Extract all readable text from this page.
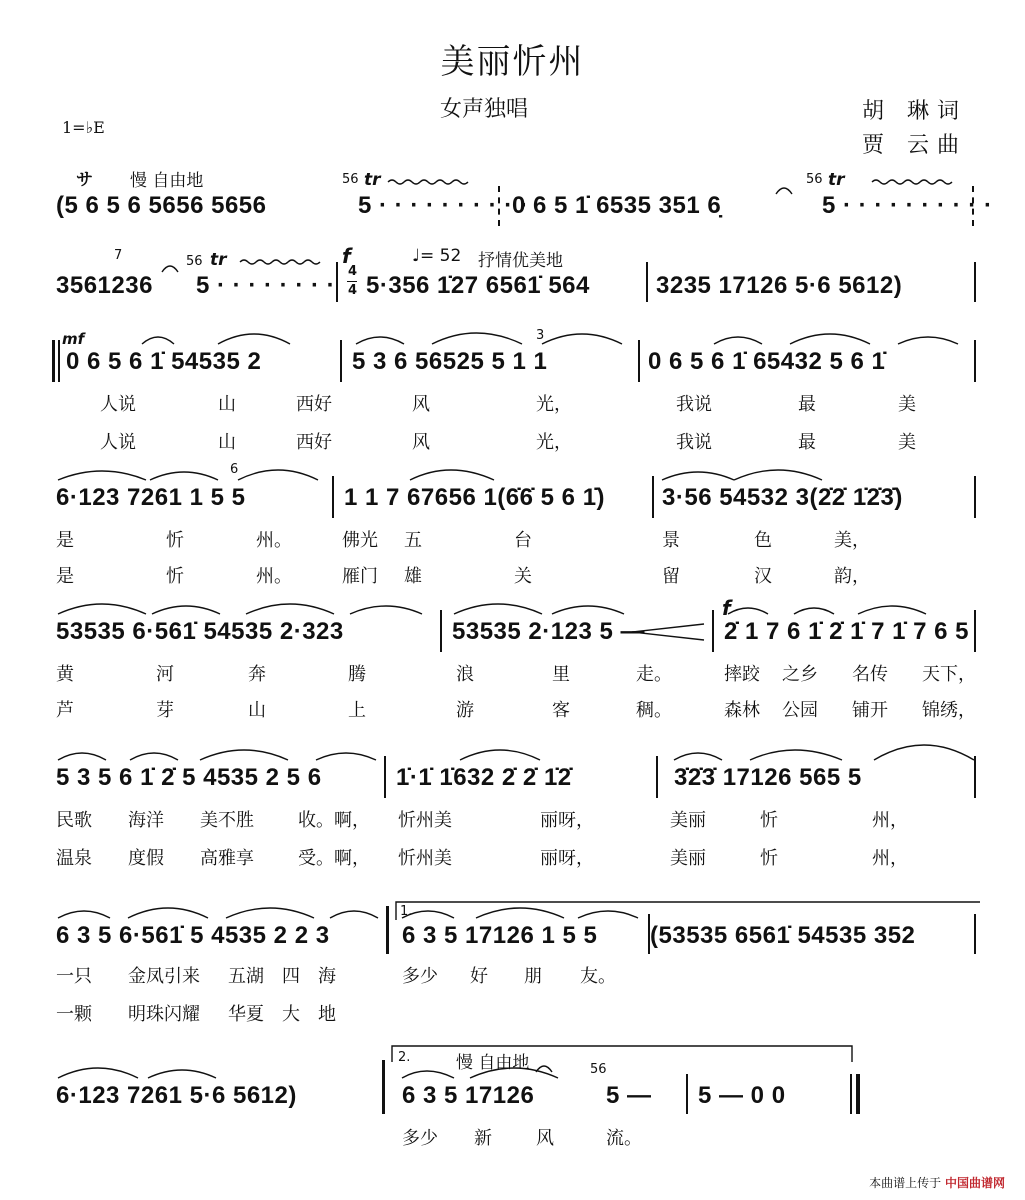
美丽忻州
女声独唱	胡 琳词
贾 云曲
1=♭E
サ 慢 自由地	56 tr	56 tr
(5 6 5 6 5656 5656	5 · · · · · · · · · ·
0 6 5 1̇ 6535 351 6̣	5 · · · · · · · · · ·
7	56 tr	f	♩= 52 抒情优美地
3561236 5 · · · · · · · ·
4
4 5·356 1̇27 6561̇ 564	3235 17126 5·6 5612)
mf	3
0 6 5 6 1̇ 54535 2	5 3 6 56525 5 1 1	0 6 5 6 1̇ 65432 5 6 1̇
人说	山	西好	风	光，	我说	最	美
人说	山	西好	风	光，	我说	最	美
6
6·123 7261 1 5 5	1 1 7 67656 1(6̇6̇ 5 6 1̇) 3·56 54532 3(2̇2̇ 1̇2̇3̇)
是	忻	州。	佛光 五	台	景	色	美，
是	忻	州。	雁门 雄	关	留	汉	韵，
f
53535 6·561̇ 54535 2·323	53535 2·123 5 —	2̇ 1 7 6 1̇ 2̇ 1̇ 7 1̇ 7 6 5
黄	河	奔	腾	浪	里	走。	摔跤 之乡 名传 天下，
芦	芽	山	上	游	客	稠。	森林 公园 铺开 锦绣，
5 3 5 6 1̇ 2̇ 5 4535 2 5 6	1̇·1̇ 1̇632 2̇ 2̇ 1̇2̇	3̇2̇3̇ 17126 565 5
民歌 海洋 美不胜 收。啊， 忻州美	丽呀，	美丽	忻	州，
温泉 度假 高雅享 受。啊， 忻州美	丽呀，	美丽	忻	州，
1.
6 3 5 6·561̇ 5 4535 2 2 3	6 3 5 17126 1 5 5 (53535 6561̇ 54535 352
一只 金凤引来 五湖 四 海	多少 好 朋 友。
一颗 明珠闪耀 华夏 大 地
2.	慢 自由地	56
6·123 7261 5·6 5612)	6 3 5 17126	5 — 5 — 0 0
多少 新 风	流。
本曲谱上传于 中国曲谱网
